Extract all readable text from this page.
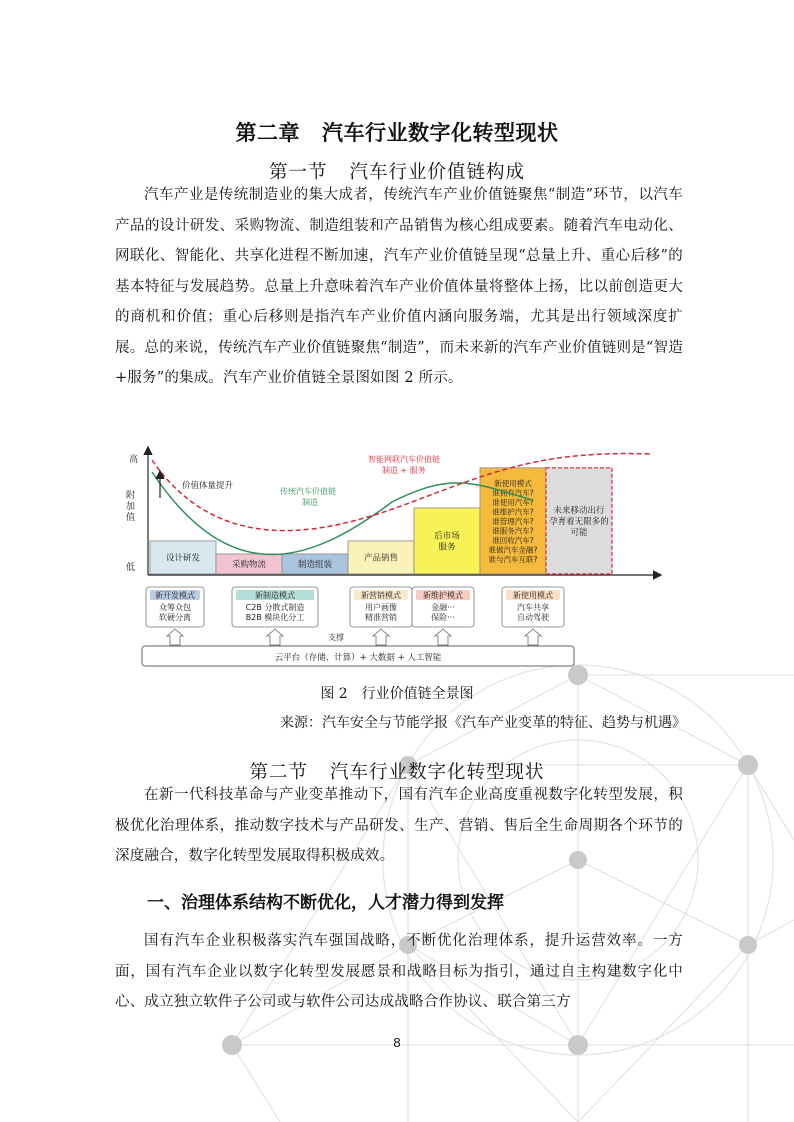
第二章 汽车行业数字化转型现状
第一节 汽车行业价值链构成

汽车产业是传统制造业的集大成者，传统汽车产业价值链聚焦“制造”环节，以汽车产品的设计研发、采购物流、制造组装和产品销售为核心组成要素。随着汽车电动化、网联化、智能化、共享化进程不断加速，汽车产业价值链呈现“总量上升、重心后移”的基本特征与发展趋势。总量上升意味着汽车产业价值体量将整体上扬，比以前创造更大的商机和价值；重心后移则是指汽车产业价值内涵向服务端，尤其是出行领域深度扩展。总的来说，传统汽车产业价值链聚焦“制造”，而未来新的汽车产业价值链则是“智造+服务”的集成。汽车产业价值链全景图如图 2 所示。

高
附 加 值
低
设计研发
采购物流	制造组装
产品销售
后市场服务
新使用模式谁拥有汽车?谁使用汽车?谁维护汽车?谁管理汽车?谁服务汽车?谁回收汽车?谁做汽车金融?谁与汽车互联?
未来移动出行孕育着无限多的可能
价值体量提升
传统汽车价值链 制造
智能网联汽车价值链 制造 + 服务
新开发模式
众筹众包
软硬分离
新制造模式
C2B 分散式制造
B2B 模块化分工
新营销模式
用户画像
精准营销
新维护模式
金融···
保险···
新使用模式
汽车共享
自动驾驶
支撑
云平台（存储、计算）+ 大数据 + 人工智能
图 2 行业价值链全景图
来源：汽车安全与节能学报《汽车产业变革的特征、趋势与机遇》
第二节 汽车行业数字化转型现状

在新一代科技革命与产业变革推动下，国有汽车企业高度重视数字化转型发展，积极优化治理体系，推动数字技术与产品研发、生产、营销、售后全生命周期各个环节的深度融合，数字化转型发展取得积极成效。

一、治理体系结构不断优化，人才潜力得到发挥

国有汽车企业积极落实汽车强国战略，不断优化治理体系，提升运营效率。一方面，国有汽车企业以数字化转型发展愿景和战略目标为指引，通过自主构建数字化中心、成立独立软件子公司或与软件公司达成战略合作协议、联合第三方

8
